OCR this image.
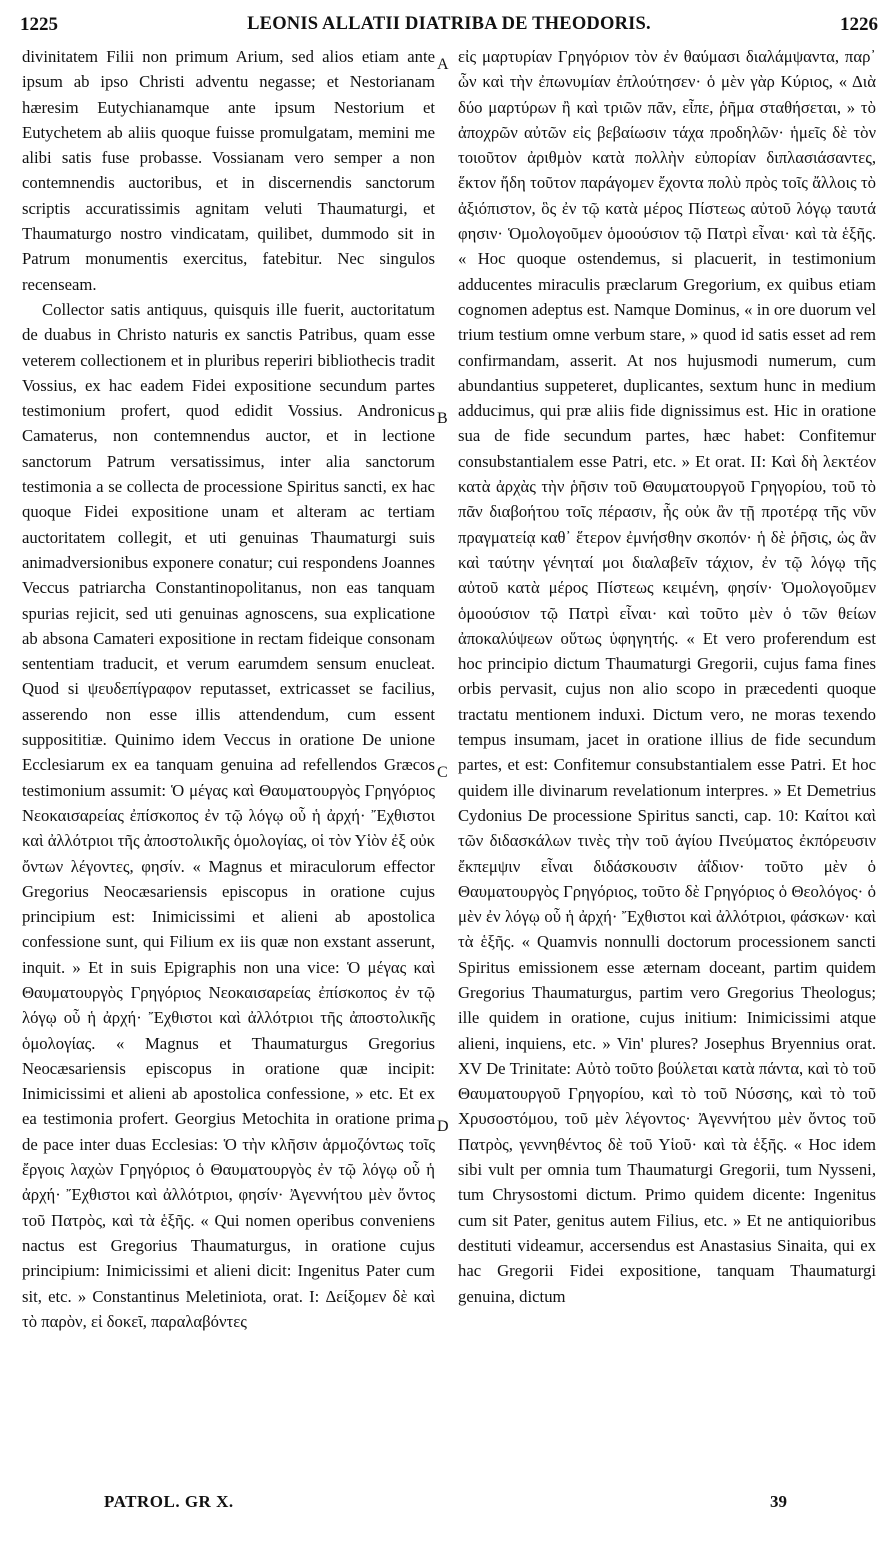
1225	LEONIS ALLATII DIATRIBA DE THEODORIS.	1226

divinitatem Filii non primum Arium, sed alios etiam ante ipsum ab ipso Christi adventu negasse; et Nestorianam hæresim Eutychianamque ante ipsum Nestorium et Eutychetem ab aliis quoque fuisse promulgatam, memini me alibi satis fuse probasse. Vossianam vero semper a non contemnendis auctoribus, et in discernendis sanctorum scriptis accuratissimis agnitam veluti Thaumaturgi, et Thaumaturgo nostro vindicatam, quilibet, dummodo sit in Patrum monumentis exercitus, fatebitur. Nec singulos recenseam.

Collector satis antiquus, quisquis ille fuerit, auctoritatum de duabus in Christo naturis ex sanctis Patribus, quam esse veterem collectionem et in pluribus reperiri bibliothecis tradit Vossius, ex hac eadem Fidei expositione secundum partes testimonium profert, quod edidit Vossius. Andronicus Camaterus, non contemnendus auctor, et in lectione sanctorum Patrum versatissimus, inter alia sanctorum testimonia a se collecta de processione Spiritus sancti, ex hac quoque Fidei expositione unam et alteram ac tertiam auctoritatem collegit, et uti genuinas Thaumaturgi suis animadversionibus exponere conatur; cui respondens Joannes Veccus patriarcha Constantinopolitanus, non eas tanquam spurias rejicit, sed uti genuinas agnoscens, sua explicatione ab absona Camateri expositione in rectam fideique consonam sententiam traducit, et verum earumdem sensum enucleat. Quod si ψευδεπίγραφον reputasset, extricasset se facilius, asserendo non esse illis attendendum, cum essent supposititiæ. Quinimo idem Veccus in oratione De unione Ecclesiarum ex ea tanquam genuina ad refellendos Græcos testimonium assumit: Ὁ μέγας καὶ Θαυματουργὸς Γρηγόριος Νεοκαισαρείας ἐπίσκοπος ἐν τῷ λόγῳ οὗ ἡ ἀρχή· Ἔχθιστοι καὶ ἀλλότριοι τῆς ἀποστολικῆς ὁμολογίας, οἱ τὸν Υἱὸν ἐξ οὐκ ὄντων λέγοντες, φησίν. « Magnus et miraculorum effector Gregorius Neocæsariensis episcopus in oratione cujus principium est: Inimicissimi et alieni ab apostolica confessione sunt, qui Filium ex iis quæ non exstant asserunt, inquit. » Et in suis Epigraphis non una vice: Ὁ μέγας καὶ Θαυματουργὸς Γρηγόριος Νεοκαισαρείας ἐπίσκοπος ἐν τῷ λόγῳ οὗ ἡ ἀρχή· Ἔχθιστοι καὶ ἀλλότριοι τῆς ἀποστολικῆς ὁμολογίας. « Magnus et Thaumaturgus Gregorius Neocæsariensis episcopus in oratione quæ incipit: Inimicissimi et alieni ab apostolica confessione, » etc. Et ex ea testimonia profert. Georgius Metochita in oratione prima de pace inter duas Ecclesias: Ὁ τὴν κλῆσιν ἁρμοζόντως τοῖς ἔργοις λαχὼν Γρηγόριος ὁ Θαυματουργὸς ἐν τῷ λόγῳ οὗ ἡ ἀρχή· Ἔχθιστοι καὶ ἀλλότριοι, φησίν· Ἀγεννήτου μὲν ὄντος τοῦ Πατρὸς, καὶ τὰ ἑξῆς. « Qui nomen operibus conveniens nactus est Gregorius Thaumaturgus, in oratione cujus principium: Inimicissimi et alieni dicit: Ingenitus Pater cum sit, etc. » Constantinus Meletiniota, orat. I: Δείξομεν δὲ καὶ τὸ παρὸν, εἰ δοκεῖ, παραλαβόντες

A
B
C
D

εἰς μαρτυρίαν Γρηγόριον τὸν ἐν θαύμασι διαλάμψαντα, παρ᾽ ὧν καὶ τὴν ἐπωνυμίαν ἐπλούτησεν· ὁ μὲν γὰρ Κύριος, « Διὰ δύο μαρτύρων ἢ καὶ τριῶν πᾶν, εἶπε, ῥῆμα σταθήσεται, » τὸ ἀποχρῶν αὐτῶν εἰς βεβαίωσιν τάχα προδηλῶν· ἡμεῖς δὲ τὸν τοιοῦτον ἀριθμὸν κατὰ πολλὴν εὐπορίαν διπλασιάσαντες, ἕκτον ἤδη τοῦτον παράγομεν ἔχοντα πολὺ πρὸς τοῖς ἄλλοις τὸ ἀξιόπιστον, ὃς ἐν τῷ κατὰ μέρος Πίστεως αὐτοῦ λόγῳ ταυτά φησιν· Ὁμολογοῦμεν ὁμοούσιον τῷ Πατρὶ εἶναι· καὶ τὰ ἑξῆς. « Hoc quoque ostendemus, si placuerit, in testimonium adducentes miraculis præclarum Gregorium, ex quibus etiam cognomen adeptus est. Namque Dominus, « in ore duorum vel trium testium omne verbum stare, » quod id satis esset ad rem confirmandam, asserit. At nos hujusmodi numerum, cum abundantius suppeteret, duplicantes, sextum hunc in medium adducimus, qui præ aliis fide dignissimus est. Hic in oratione sua de fide secundum partes, hæc habet: Confitemur consubstantialem esse Patri, etc. » Et orat. II: Καὶ δὴ λεκτέον κατὰ ἀρχὰς τὴν ῥῆσιν τοῦ Θαυματουργοῦ Γρηγορίου, τοῦ τὸ πᾶν διαβοήτου τοῖς πέρασιν, ἧς οὐκ ἂν τῇ προτέρᾳ τῆς νῦν πραγματείᾳ καθ᾽ ἕτερον ἐμνήσθην σκοπόν· ἡ δὲ ῥῆσις, ὡς ἂν καὶ ταύτην γένηταί μοι διαλαβεῖν τάχιον, ἐν τῷ λόγῳ τῆς αὐτοῦ κατὰ μέρος Πίστεως κειμένη, φησίν· Ὁμολογοῦμεν ὁμοούσιον τῷ Πατρὶ εἶναι· καὶ τοῦτο μὲν ὁ τῶν θείων ἀποκαλύψεων οὕτως ὑφηγητής. « Et vero proferendum est hoc principio dictum Thaumaturgi Gregorii, cujus fama fines orbis pervasit, cujus non alio scopo in præcedenti quoque tractatu mentionem induxi. Dictum vero, ne moras texendo tempus insumam, jacet in oratione illius de fide secundum partes, et est: Confitemur consubstantialem esse Patri. Et hoc quidem ille divinarum revelationum interpres. » Et Demetrius Cydonius De processione Spiritus sancti, cap. 10: Καίτοι καὶ τῶν διδασκάλων τινὲς τὴν τοῦ ἁγίου Πνεύματος ἐκπόρευσιν ἔκπεμψιν εἶναι διδάσκουσιν ἀΐδιον· τοῦτο μὲν ὁ Θαυματουργὸς Γρηγόριος, τοῦτο δὲ Γρηγόριος ὁ Θεολόγος· ὁ μὲν ἐν λόγῳ οὗ ἡ ἀρχή· Ἔχθιστοι καὶ ἀλλότριοι, φάσκων· καὶ τὰ ἑξῆς. « Quamvis nonnulli doctorum processionem sancti Spiritus emissionem esse æternam doceant, partim quidem Gregorius Thaumaturgus, partim vero Gregorius Theologus; ille quidem in oratione, cujus initium: Inimicissimi atque alieni, inquiens, etc. » Vin' plures? Josephus Bryennius orat. XV De Trinitate: Αὐτὸ τοῦτο βούλεται κατὰ πάντα, καὶ τὸ τοῦ Θαυματουργοῦ Γρηγορίου, καὶ τὸ τοῦ Νύσσης, καὶ τὸ τοῦ Χρυσοστόμου, τοῦ μὲν λέγοντος· Ἀγεννήτου μὲν ὄντος τοῦ Πατρὸς, γεννηθέντος δὲ τοῦ Υἱοῦ· καὶ τὰ ἑξῆς. « Hoc idem sibi vult per omnia tum Thaumaturgi Gregorii, tum Nysseni, tum Chrysostomi dictum. Primo quidem dicente: Ingenitus cum sit Pater, genitus autem Filius, etc. » Et ne antiquioribus destituti videamur, accersendus est Anastasius Sinaita, qui ex hac Gregorii Fidei expositione, tanquam Thaumaturgi genuina, dictum

PATROL. GR X.	39
